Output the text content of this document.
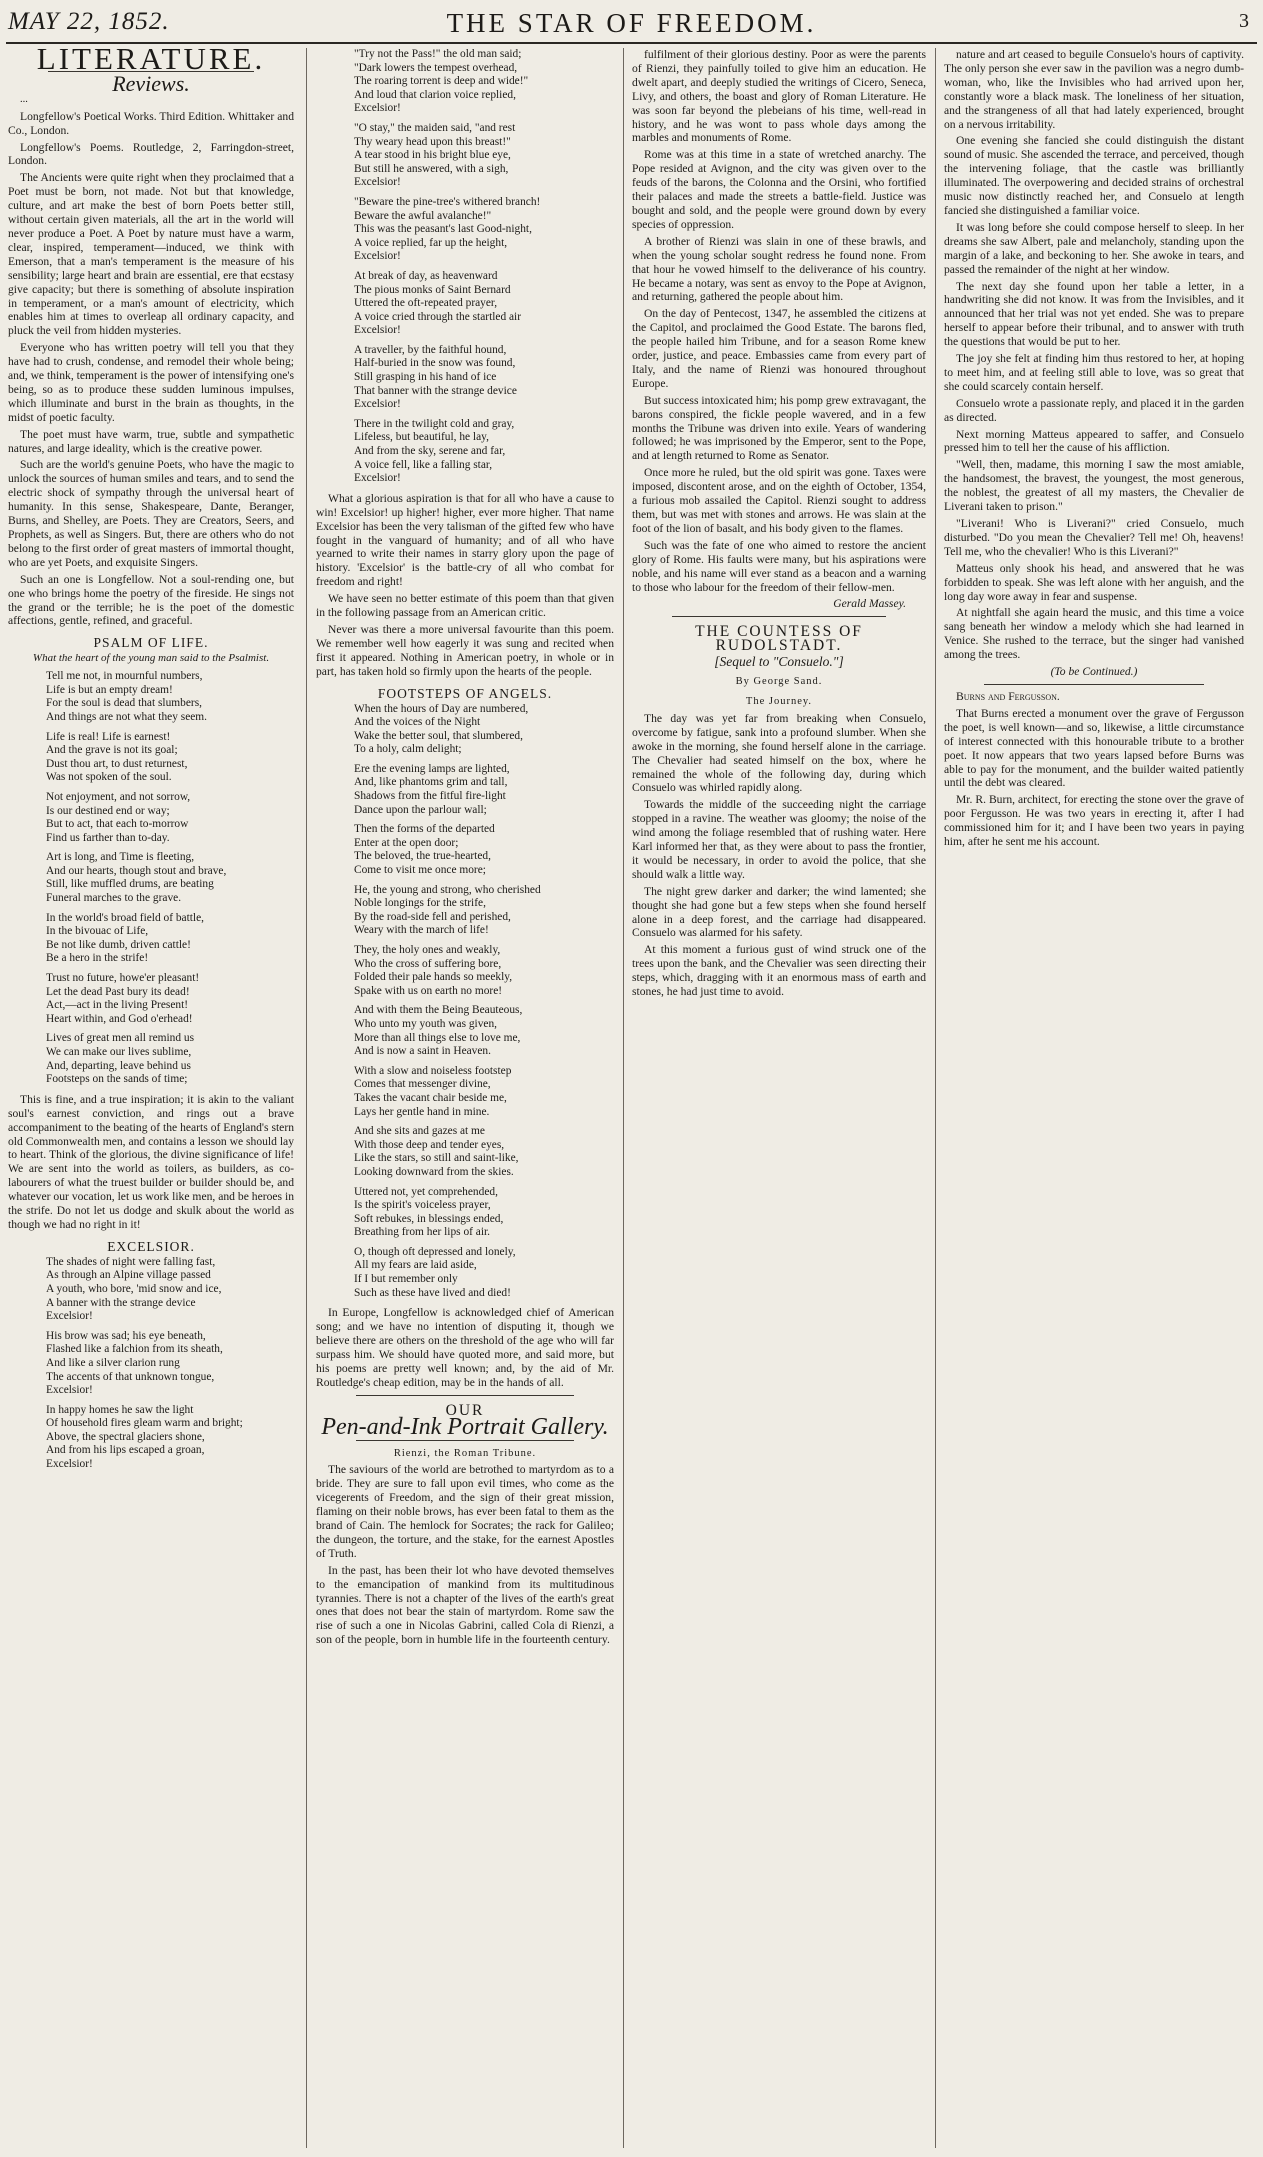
MAY 22, 1852.	THE STAR OF FREEDOM.	3
LITERATURE.
Reviews.

...

Longfellow's Poetical Works. Third Edition. Whittaker and Co., London.

Longfellow's Poems. Routledge, 2, Farringdon-street, London.

The Ancients were quite right when they proclaimed that a Poet must be born, not made. Not but that knowledge, culture, and art make the best of born Poets better still, without certain given materials, all the art in the world will never produce a Poet. A Poet by nature must have a warm, clear, inspired, temperament—induced, we think with Emerson, that a man's temperament is the measure of his sensibility; large heart and brain are essential, ere that ecstasy give capacity; but there is something of absolute inspiration in temperament, or a man's amount of electricity, which enables him at times to overleap all ordinary capacity, and pluck the veil from hidden mysteries.

Everyone who has written poetry will tell you that they have had to crush, condense, and remodel their whole being; and, we think, temperament is the power of intensifying one's being, so as to produce these sudden luminous impulses, which illuminate and burst in the brain as thoughts, in the midst of poetic faculty.

The poet must have warm, true, subtle and sympathetic natures, and large ideality, which is the creative power.

Such are the world's genuine Poets, who have the magic to unlock the sources of human smiles and tears, and to send the electric shock of sympathy through the universal heart of humanity. In this sense, Shakespeare, Dante, Beranger, Burns, and Shelley, are Poets. They are Creators, Seers, and Prophets, as well as Singers. But, there are others who do not belong to the first order of great masters of immortal thought, who are yet Poets, and exquisite Singers.

Such an one is Longfellow. Not a soul-rending one, but one who brings home the poetry of the fireside. He sings not the grand or the terrible; he is the poet of the domestic affections, gentle, refined, and graceful.

PSALM OF LIFE.
What the heart of the young man said to the Psalmist.
Tell me not, in mournful numbers,
Life is but an empty dream!
For the soul is dead that slumbers,
And things are not what they seem.
Life is real! Life is earnest!
And the grave is not its goal;
Dust thou art, to dust returnest,
Was not spoken of the soul.
Not enjoyment, and not sorrow,
Is our destined end or way;
But to act, that each to-morrow
Find us farther than to-day.
Art is long, and Time is fleeting,
And our hearts, though stout and brave,
Still, like muffled drums, are beating
Funeral marches to the grave.
In the world's broad field of battle,
In the bivouac of Life,
Be not like dumb, driven cattle!
Be a hero in the strife!
Trust no future, howe'er pleasant!
Let the dead Past bury its dead!
Act,—act in the living Present!
Heart within, and God o'erhead!
Lives of great men all remind us
We can make our lives sublime,
And, departing, leave behind us
Footsteps on the sands of time;

This is fine, and a true inspiration; it is akin to the valiant soul's earnest conviction, and rings out a brave accompaniment to the beating of the hearts of England's stern old Commonwealth men, and contains a lesson we should lay to heart. Think of the glorious, the divine significance of life! We are sent into the world as toilers, as builders, as co-labourers of what the truest builder or builder should be, and whatever our vocation, let us work like men, and be heroes in the strife. Do not let us dodge and skulk about the world as though we had no right in it!

EXCELSIOR.
The shades of night were falling fast,
As through an Alpine village passed
A youth, who bore, 'mid snow and ice,
A banner with the strange device
Excelsior!
His brow was sad; his eye beneath,
Flashed like a falchion from its sheath,
And like a silver clarion rung
The accents of that unknown tongue,
Excelsior!
In happy homes he saw the light
Of household fires gleam warm and bright;
Above, the spectral glaciers shone,
And from his lips escaped a groan,
Excelsior!
"Try not the Pass!" the old man said;
"Dark lowers the tempest overhead,
The roaring torrent is deep and wide!"
And loud that clarion voice replied,
Excelsior!
"O stay," the maiden said, "and rest
Thy weary head upon this breast!"
A tear stood in his bright blue eye,
But still he answered, with a sigh,
Excelsior!
"Beware the pine-tree's withered branch!
Beware the awful avalanche!"
This was the peasant's last Good-night,
A voice replied, far up the height,
Excelsior!
At break of day, as heavenward
The pious monks of Saint Bernard
Uttered the oft-repeated prayer,
A voice cried through the startled air
Excelsior!
A traveller, by the faithful hound,
Half-buried in the snow was found,
Still grasping in his hand of ice
That banner with the strange device
Excelsior!
There in the twilight cold and gray,
Lifeless, but beautiful, he lay,
And from the sky, serene and far,
A voice fell, like a falling star,
Excelsior!

What a glorious aspiration is that for all who have a cause to win! Excelsior! up higher! higher, ever more higher. That name Excelsior has been the very talisman of the gifted few who have fought in the vanguard of humanity; and of all who have yearned to write their names in starry glory upon the page of history. 'Excelsior' is the battle-cry of all who combat for freedom and right!

We have seen no better estimate of this poem than that given in the following passage from an American critic.

Never was there a more universal favourite than this poem. We remember well how eagerly it was sung and recited when first it appeared. Nothing in American poetry, in whole or in part, has taken hold so firmly upon the hearts of the people.

FOOTSTEPS OF ANGELS.
When the hours of Day are numbered,
And the voices of the Night
Wake the better soul, that slumbered,
To a holy, calm delight;
Ere the evening lamps are lighted,
And, like phantoms grim and tall,
Shadows from the fitful fire-light
Dance upon the parlour wall;
Then the forms of the departed
Enter at the open door;
The beloved, the true-hearted,
Come to visit me once more;
He, the young and strong, who cherished
Noble longings for the strife,
By the road-side fell and perished,
Weary with the march of life!
They, the holy ones and weakly,
Who the cross of suffering bore,
Folded their pale hands so meekly,
Spake with us on earth no more!
And with them the Being Beauteous,
Who unto my youth was given,
More than all things else to love me,
And is now a saint in Heaven.
With a slow and noiseless footstep
Comes that messenger divine,
Takes the vacant chair beside me,
Lays her gentle hand in mine.
And she sits and gazes at me
With those deep and tender eyes,
Like the stars, so still and saint-like,
Looking downward from the skies.
Uttered not, yet comprehended,
Is the spirit's voiceless prayer,
Soft rebukes, in blessings ended,
Breathing from her lips of air.
O, though oft depressed and lonely,
All my fears are laid aside,
If I but remember only
Such as these have lived and died!

In Europe, Longfellow is acknowledged chief of American song; and we have no intention of disputing it, though we believe there are others on the threshold of the age who will far surpass him. We should have quoted more, and said more, but his poems are pretty well known; and, by the aid of Mr. Routledge's cheap edition, may be in the hands of all.

OUR
Pen-and-Ink Portrait Gallery.
Rienzi, the Roman Tribune.

The saviours of the world are betrothed to martyrdom as to a bride. They are sure to fall upon evil times, who come as the vicegerents of Freedom, and the sign of their great mission, flaming on their noble brows, has ever been fatal to them as the brand of Cain. The hemlock for Socrates; the rack for Galileo; the dungeon, the torture, and the stake, for the earnest Apostles of Truth.

In the past, has been their lot who have devoted themselves to the emancipation of mankind from its multitudinous tyrannies. There is not a chapter of the lives of the earth's great ones that does not bear the stain of martyrdom. Rome saw the rise of such a one in Nicolas Gabrini, called Cola di Rienzi, a son of the people, born in humble life in the fourteenth century.

fulfilment of their glorious destiny. Poor as were the parents of Rienzi, they painfully toiled to give him an education. He dwelt apart, and deeply studied the writings of Cicero, Seneca, Livy, and others, the boast and glory of Roman Literature. He was soon far beyond the plebeians of his time, well-read in history, and he was wont to pass whole days among the marbles and monuments of Rome.

Rome was at this time in a state of wretched anarchy. The Pope resided at Avignon, and the city was given over to the feuds of the barons, the Colonna and the Orsini, who fortified their palaces and made the streets a battle-field. Justice was bought and sold, and the people were ground down by every species of oppression.

A brother of Rienzi was slain in one of these brawls, and when the young scholar sought redress he found none. From that hour he vowed himself to the deliverance of his country. He became a notary, was sent as envoy to the Pope at Avignon, and returning, gathered the people about him.

On the day of Pentecost, 1347, he assembled the citizens at the Capitol, and proclaimed the Good Estate. The barons fled, the people hailed him Tribune, and for a season Rome knew order, justice, and peace. Embassies came from every part of Italy, and the name of Rienzi was honoured throughout Europe.

But success intoxicated him; his pomp grew extravagant, the barons conspired, the fickle people wavered, and in a few months the Tribune was driven into exile. Years of wandering followed; he was imprisoned by the Emperor, sent to the Pope, and at length returned to Rome as Senator.

Once more he ruled, but the old spirit was gone. Taxes were imposed, discontent arose, and on the eighth of October, 1354, a furious mob assailed the Capitol. Rienzi sought to address them, but was met with stones and arrows. He was slain at the foot of the lion of basalt, and his body given to the flames.

Such was the fate of one who aimed to restore the ancient glory of Rome. His faults were many, but his aspirations were noble, and his name will ever stand as a beacon and a warning to those who labour for the freedom of their fellow-men.

Gerald Massey.
THE COUNTESS OF RUDOLSTADT.
[Sequel to "Consuelo."]
By George Sand.
The Journey.

The day was yet far from breaking when Consuelo, overcome by fatigue, sank into a profound slumber. When she awoke in the morning, she found herself alone in the carriage. The Chevalier had seated himself on the box, where he remained the whole of the following day, during which Consuelo was whirled rapidly along.

Towards the middle of the succeeding night the carriage stopped in a ravine. The weather was gloomy; the noise of the wind among the foliage resembled that of rushing water. Here Karl informed her that, as they were about to pass the frontier, it would be necessary, in order to avoid the police, that she should walk a little way.

The night grew darker and darker; the wind lamented; she thought she had gone but a few steps when she found herself alone in a deep forest, and the carriage had disappeared. Consuelo was alarmed for his safety.

At this moment a furious gust of wind struck one of the trees upon the bank, and the Chevalier was seen directing their steps, which, dragging with it an enormous mass of earth and stones, he had just time to avoid.

nature and art ceased to beguile Consuelo's hours of captivity. The only person she ever saw in the pavilion was a negro dumb-woman, who, like the Invisibles who had arrived upon her, constantly wore a black mask. The loneliness of her situation, and the strangeness of all that had lately experienced, brought on a nervous irritability.

One evening she fancied she could distinguish the distant sound of music. She ascended the terrace, and perceived, though the intervening foliage, that the castle was brilliantly illuminated. The overpowering and decided strains of orchestral music now distinctly reached her, and Consuelo at length fancied she distinguished a familiar voice.

It was long before she could compose herself to sleep. In her dreams she saw Albert, pale and melancholy, standing upon the margin of a lake, and beckoning to her. She awoke in tears, and passed the remainder of the night at her window.

The next day she found upon her table a letter, in a handwriting she did not know. It was from the Invisibles, and it announced that her trial was not yet ended. She was to prepare herself to appear before their tribunal, and to answer with truth the questions that would be put to her.

The joy she felt at finding him thus restored to her, at hoping to meet him, and at feeling still able to love, was so great that she could scarcely contain herself.

Consuelo wrote a passionate reply, and placed it in the garden as directed.

Next morning Matteus appeared to saffer, and Consuelo pressed him to tell her the cause of his affliction.

"Well, then, madame, this morning I saw the most amiable, the handsomest, the bravest, the youngest, the most generous, the noblest, the greatest of all my masters, the Chevalier de Liverani taken to prison."

"Liverani! Who is Liverani?" cried Consuelo, much disturbed. "Do you mean the Chevalier? Tell me! Oh, heavens! Tell me, who the chevalier! Who is this Liverani?"

Matteus only shook his head, and answered that he was forbidden to speak. She was left alone with her anguish, and the long day wore away in fear and suspense.

At nightfall she again heard the music, and this time a voice sang beneath her window a melody which she had learned in Venice. She rushed to the terrace, but the singer had vanished among the trees.

(To be Continued.)

Burns and Fergusson.

That Burns erected a monument over the grave of Fergusson the poet, is well known—and so, likewise, a little circumstance of interest connected with this honourable tribute to a brother poet. It now appears that two years lapsed before Burns was able to pay for the monument, and the builder waited patiently until the debt was cleared.

Mr. R. Burn, architect, for erecting the stone over the grave of poor Fergusson. He was two years in erecting it, after I had commissioned him for it; and I have been two years in paying him, after he sent me his account.
